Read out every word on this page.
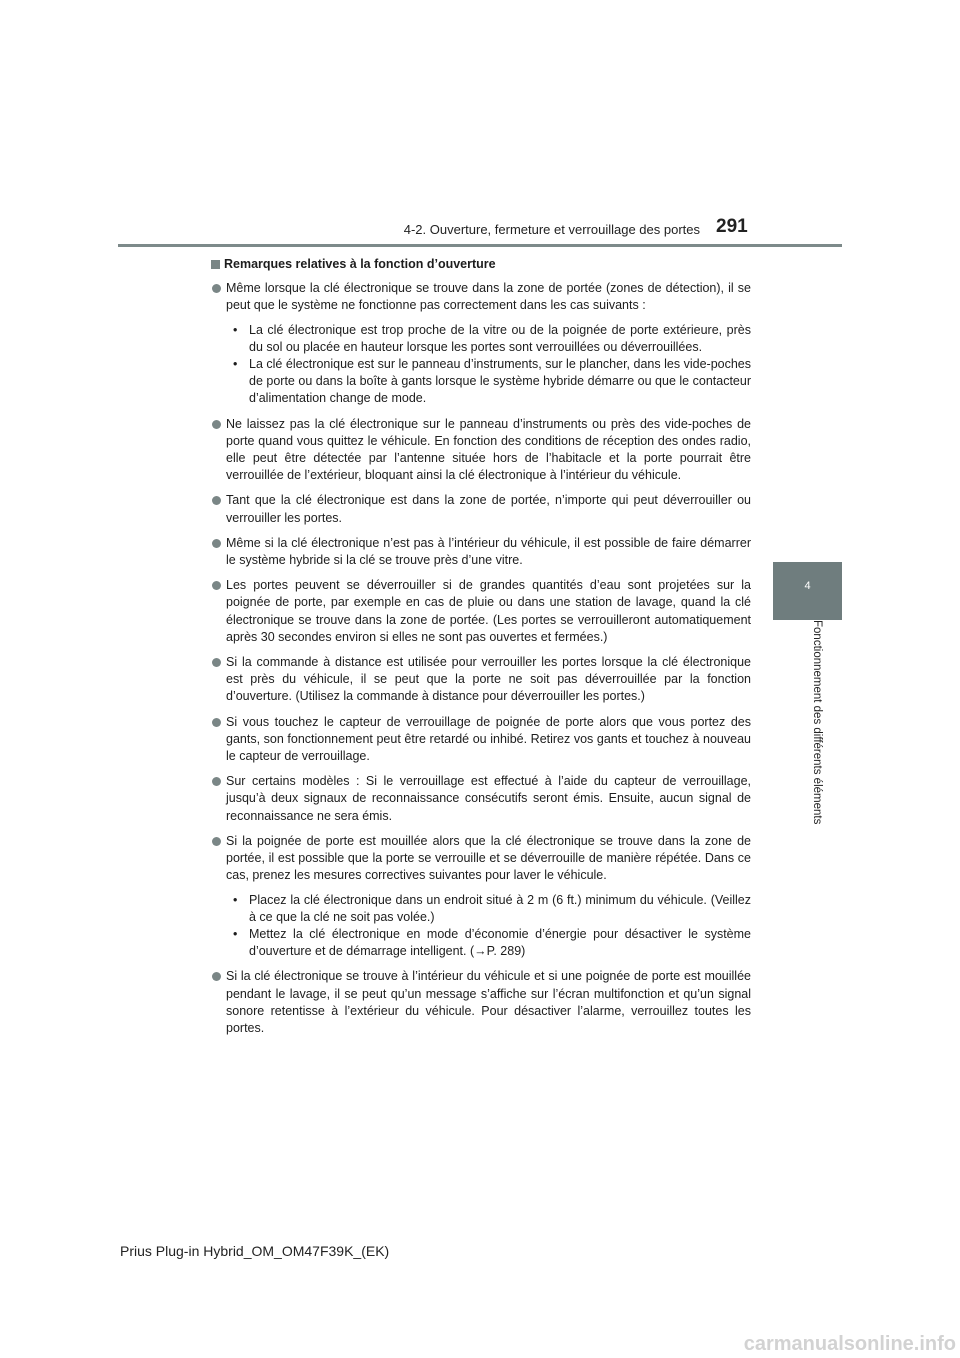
4-2. Ouverture, fermeture et verrouillage des portes 291
4
Fonctionnement des différents éléments
Remarques relatives à la fonction d’ouverture
Même lorsque la clé électronique se trouve dans la zone de portée (zones de détection), il se peut que le système ne fonctionne pas correctement dans les cas suivants :
• La clé électronique est trop proche de la vitre ou de la poignée de porte extérieure, près du sol ou placée en hauteur lorsque les portes sont verrouillées ou déverrouillées.
• La clé électronique est sur le panneau d’instruments, sur le plancher, dans les vide-poches de porte ou dans la boîte à gants lorsque le système hybride démarre ou que le contacteur d’alimentation change de mode.
Ne laissez pas la clé électronique sur le panneau d’instruments ou près des vide-poches de porte quand vous quittez le véhicule. En fonction des conditions de réception des ondes radio, elle peut être détectée par l’antenne située hors de l’habitacle et la porte pourrait être verrouillée de l’extérieur, bloquant ainsi la clé électronique à l’intérieur du véhicule.
Tant que la clé électronique est dans la zone de portée, n’importe qui peut déverrouiller ou verrouiller les portes.
Même si la clé électronique n’est pas à l’intérieur du véhicule, il est possible de faire démarrer le système hybride si la clé se trouve près d’une vitre.
Les portes peuvent se déverrouiller si de grandes quantités d’eau sont projetées sur la poignée de porte, par exemple en cas de pluie ou dans une station de lavage, quand la clé électronique se trouve dans la zone de portée. (Les portes se verrouilleront automatiquement après 30 secondes environ si elles ne sont pas ouvertes et fermées.)
Si la commande à distance est utilisée pour verrouiller les portes lorsque la clé électronique est près du véhicule, il se peut que la porte ne soit pas déverrouillée par la fonction d’ouverture. (Utilisez la commande à distance pour déverrouiller les portes.)
Si vous touchez le capteur de verrouillage de poignée de porte alors que vous portez des gants, son fonctionnement peut être retardé ou inhibé. Retirez vos gants et touchez à nouveau le capteur de verrouillage.
Sur certains modèles : Si le verrouillage est effectué à l’aide du capteur de verrouillage, jusqu’à deux signaux de reconnaissance consécutifs seront émis. Ensuite, aucun signal de reconnaissance ne sera émis.
Si la poignée de porte est mouillée alors que la clé électronique se trouve dans la zone de portée, il est possible que la porte se verrouille et se déverrouille de manière répétée. Dans ce cas, prenez les mesures correctives suivantes pour laver le véhicule.
• Placez la clé électronique dans un endroit situé à 2 m (6 ft.) minimum du véhicule. (Veillez à ce que la clé ne soit pas volée.)
• Mettez la clé électronique en mode d’économie d’énergie pour désactiver le système d’ouverture et de démarrage intelligent. (→P. 289)
Si la clé électronique se trouve à l’intérieur du véhicule et si une poignée de porte est mouillée pendant le lavage, il se peut qu’un message s’affiche sur l’écran multifonction et qu’un signal sonore retentisse à l’extérieur du véhicule. Pour désactiver l’alarme, verrouillez toutes les portes.
Prius Plug-in Hybrid_OM_OM47F39K_(EK)
carmanualsonline.info
